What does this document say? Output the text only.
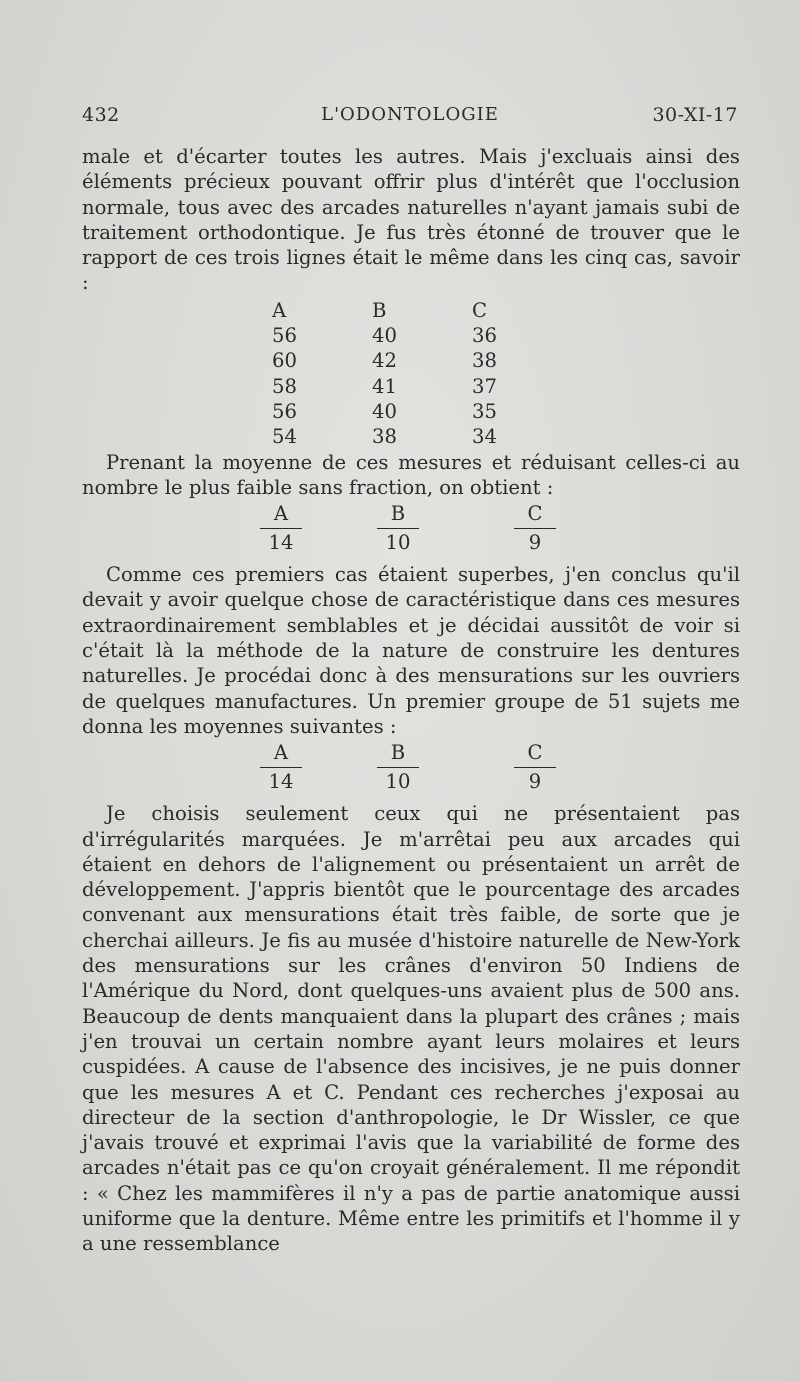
432	L'ODONTOLOGIE	30-XI-17

male et d'écarter toutes les autres. Mais j'excluais ainsi des éléments précieux pouvant offrir plus d'intérêt que l'occlusion normale, tous avec des arcades naturelles n'ayant jamais subi de traitement orthodontique. Je fus très étonné de trouver que le rapport de ces trois lignes était le même dans les cinq cas, savoir :

A	B	C
56	40	36
60	42	38
58	41	37
56	40	35
54	38	34

Prenant la moyenne de ces mesures et réduisant celles-ci au nombre le plus faible sans fraction, on obtient :

$\frac{A}{14}$	$\frac{B}{10}$	$\frac{C}{9}$

Comme ces premiers cas étaient superbes, j'en conclus qu'il devait y avoir quelque chose de caractéristique dans ces mesures extraordinairement semblables et je décidai aussitôt de voir si c'était là la méthode de la nature de construire les dentures naturelles. Je procédai donc à des mensurations sur les ouvriers de quelques manufactures. Un premier groupe de 51 sujets me donna les moyennes suivantes :

$\frac{A}{14}$	$\frac{B}{10}$	$\frac{C}{9}$

Je choisis seulement ceux qui ne présentaient pas d'irrégularités marquées. Je m'arrêtai peu aux arcades qui étaient en dehors de l'alignement ou présentaient un arrêt de développement. J'appris bientôt que le pourcentage des arcades convenant aux mensurations était très faible, de sorte que je cherchai ailleurs. Je fis au musée d'histoire naturelle de New-York des mensurations sur les crânes d'environ 50 Indiens de l'Amérique du Nord, dont quelques-uns avaient plus de 500 ans. Beaucoup de dents manquaient dans la plupart des crânes ; mais j'en trouvai un certain nombre ayant leurs molaires et leurs cuspidées. A cause de l'absence des incisives, je ne puis donner que les mesures A et C. Pendant ces recherches j'exposai au directeur de la section d'anthropologie, le Dr Wissler, ce que j'avais trouvé et exprimai l'avis que la variabilité de forme des arcades n'était pas ce qu'on croyait généralement. Il me répondit : « Chez les mammifères il n'y a pas de partie anatomique aussi uniforme que la denture. Même entre les primitifs et l'homme il y a une ressemblance
